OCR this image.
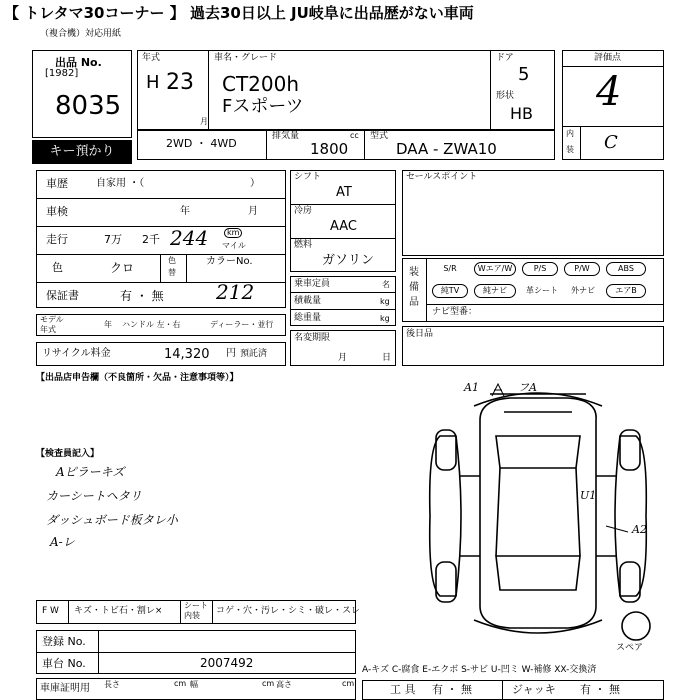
【 トレタマ30コーナー 】 過去30日以上 JU岐阜に出品歴がない車両
（複合機）対応用紙
出品 No.
[1982]
8035
キー預かり
年式
H 23
月
車名・グレード
CT200h
Fスポーツ
ドア
5
形状
HB
評価点
4
内
装 C
2WD ・ 4WD
排気量	cc
1800
型式
DAA - ZWA10
車歴	自家用 ・（	）
車検	年	月
走行	7万 2千 244	km
マイル
色	クロ
色
替
カラーNo.
212
保証書	有 ・ 無
モデル
年式
年 ハンドル 左・右	ディーラー・並行
リサイクル料金	14,320 円 預託済
シフト
AT
冷房
AAC
燃料
ガソリン
乗車定員	名
積載量	kg
総重量	kg
名変期限
月	日
セールスポイント
装
備
品
S/R	Wエア/W	P/S	P/W	ABS
純TV	純ナビ	革シート	外ナビ	エアB
ナビ型番：
後日品
【出品店申告欄（不良箇所・欠品・注意事項等）】
【検査員記入】
Aピラーキズ
カーシートヘタリ
ダッシュボード板タレ小
A-レ
A1	フA
U1
A2
スペア
F W キズ・トビ石・割レ×
シート
内装 コゲ・穴・汚レ・シミ・破レ・スレ
登録 No.
車台 No.	2007492
車庫証明用 長さ	cm 幅	cm 高さ	cm
A-キズ C-腐食 E-エクボ S-サビ U-凹ミ W-補修 XX-交換済
工 具 有 ・ 無	ジャッキ 有 ・ 無
